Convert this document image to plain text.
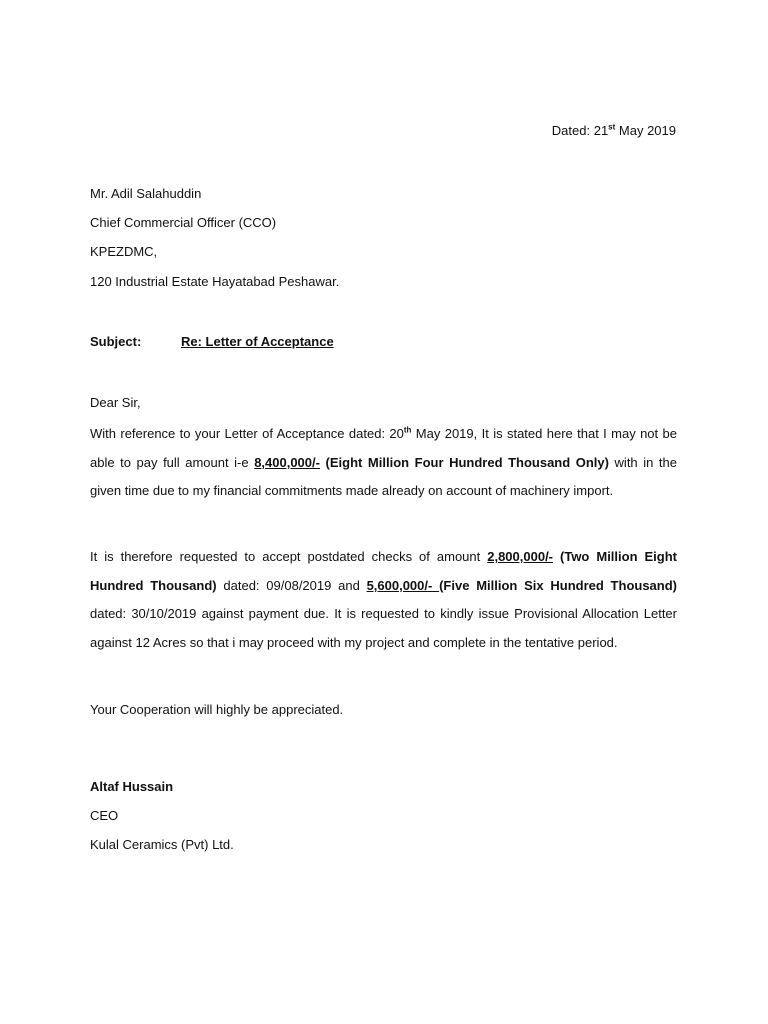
Dated: 21st May 2019
Mr. Adil Salahuddin
Chief Commercial Officer (CCO)
KPEZDMC,
120 Industrial Estate Hayatabad Peshawar.
Subject:	Re: Letter of Acceptance
Dear Sir,
With reference to your Letter of Acceptance dated: 20th May 2019, It is stated here that I may not be able to pay full amount i-e 8,400,000/- (Eight Million Four Hundred Thousand Only) with in the given time due to my financial commitments made already on account of machinery import.
It is therefore requested to accept postdated checks of amount 2,800,000/- (Two Million Eight Hundred Thousand) dated: 09/08/2019 and 5,600,000/- (Five Million Six Hundred Thousand) dated: 30/10/2019 against payment due. It is requested to kindly issue Provisional Allocation Letter against 12 Acres so that i may proceed with my project and complete in the tentative period.
Your Cooperation will highly be appreciated.
Altaf Hussain
CEO
Kulal Ceramics (Pvt) Ltd.
